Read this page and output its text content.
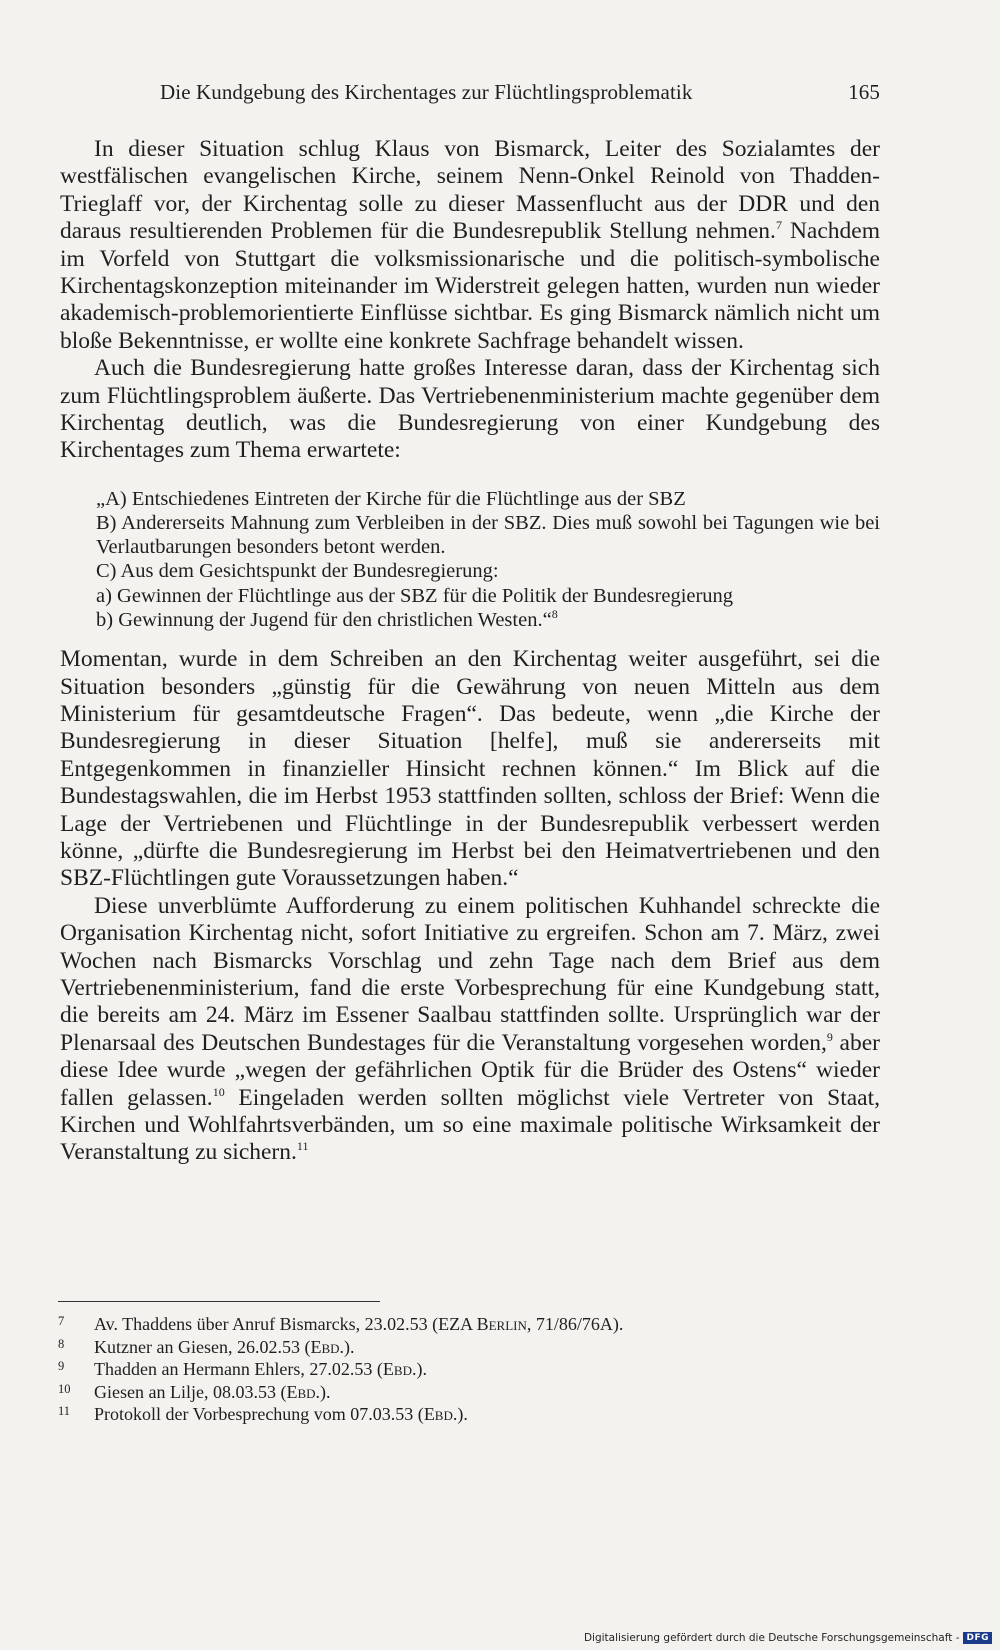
Die Kundgebung des Kirchentages zur Flüchtlingsproblematik	165

In dieser Situation schlug Klaus von Bismarck, Leiter des Sozialamtes der westfälischen evangelischen Kirche, seinem Nenn-Onkel Reinold von Thadden-Trieglaff vor, der Kirchentag solle zu dieser Massenflucht aus der DDR und den daraus resultierenden Problemen für die Bundesrepublik Stellung nehmen.$^7$ Nachdem im Vorfeld von Stuttgart die volksmissionarische und die politisch-symbolische Kirchentagskonzeption miteinander im Widerstreit gelegen hatten, wurden nun wieder akademisch-problemorientierte Einflüsse sichtbar. Es ging Bismarck nämlich nicht um bloße Bekenntnisse, er wollte eine konkrete Sachfrage behandelt wissen.

Auch die Bundesregierung hatte großes Interesse daran, dass der Kirchentag sich zum Flüchtlingsproblem äußerte. Das Vertriebenenministerium machte gegenüber dem Kirchentag deutlich, was die Bundesregierung von einer Kundgebung des Kirchentages zum Thema erwartete:

„A) Entschiedenes Eintreten der Kirche für die Flüchtlinge aus der SBZ
B) Andererseits Mahnung zum Verbleiben in der SBZ. Dies muß sowohl bei Tagungen wie bei Verlautbarungen besonders betont werden.
C) Aus dem Gesichtspunkt der Bundesregierung:
a) Gewinnen der Flüchtlinge aus der SBZ für die Politik der Bundesregierung
b) Gewinnung der Jugend für den christlichen Westen.“$^8$

Momentan, wurde in dem Schreiben an den Kirchentag weiter ausgeführt, sei die Situation besonders „günstig für die Gewährung von neuen Mitteln aus dem Ministerium für gesamtdeutsche Fragen“. Das bedeute, wenn „die Kirche der Bundesregierung in dieser Situation [helfe], muß sie andererseits mit Entgegenkommen in finanzieller Hinsicht rechnen können.“ Im Blick auf die Bundestagswahlen, die im Herbst 1953 stattfinden sollten, schloss der Brief: Wenn die Lage der Vertriebenen und Flüchtlinge in der Bundesrepublik verbessert werden könne, „dürfte die Bundesregierung im Herbst bei den Heimatvertriebenen und den SBZ-Flüchtlingen gute Voraussetzungen haben.“

Diese unverblümte Aufforderung zu einem politischen Kuhhandel schreckte die Organisation Kirchentag nicht, sofort Initiative zu ergreifen. Schon am 7. März, zwei Wochen nach Bismarcks Vorschlag und zehn Tage nach dem Brief aus dem Vertriebenenministerium, fand die erste Vorbesprechung für eine Kundgebung statt, die bereits am 24. März im Essener Saalbau stattfinden sollte. Ursprünglich war der Plenarsaal des Deutschen Bundestages für die Veranstaltung vorgesehen worden,$^9$ aber diese Idee wurde „wegen der gefährlichen Optik für die Brüder des Ostens“ wieder fallen gelassen.$^{10}$ Eingeladen werden sollten möglichst viele Vertreter von Staat, Kirchen und Wohlfahrtsverbänden, um so eine maximale politische Wirksamkeit der Veranstaltung zu sichern.$^{11}$

7	Av. Thaddens über Anruf Bismarcks, 23.02.53 (EZA Berlin, 71/86/76A).
8	Kutzner an Giesen, 26.02.53 (Ebd.).
9	Thadden an Hermann Ehlers, 27.02.53 (Ebd.).
10	Giesen an Lilje, 08.03.53 (Ebd.).
11	Protokoll der Vorbesprechung vom 07.03.53 (Ebd.).
Digitalisierung gefördert durch die Deutsche Forschungsgemeinschaft - DFG
